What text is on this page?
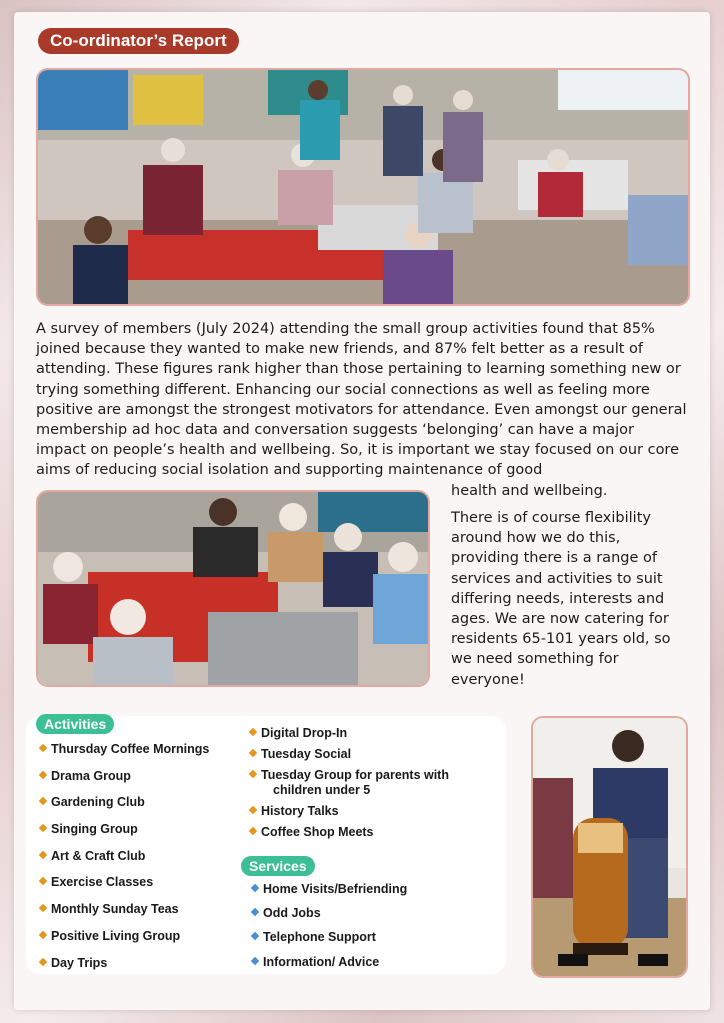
Co-ordinator’s Report

A survey of members (July 2024) attending the small group activities found that 85% joined because they wanted to make new friends, and 87% felt better as a result of attending. These figures rank higher than those pertaining to learning something new or trying something different. Enhancing our social connections as well as feeling more positive are amongst the strongest motivators for attendance. Even amongst our general membership ad hoc data and conversation suggests ‘belonging’ can have a major impact on people’s health and wellbeing. So, it is important we stay focused on our core aims of reducing social isolation and supporting maintenance of good

health and wellbeing.

There is of course flexibility around how we do this, providing there is a range of services and activities to suit differing needs, interests and ages. We are now catering for residents 65-101 years old, so we need something for everyone!

Activities
Thursday Coffee Mornings
Drama Group
Gardening Club
Singing Group
Art & Craft Club
Exercise Classes
Monthly Sunday Teas
Positive Living Group
Day Trips
Digital Drop-In
Tuesday Social
Tuesday Group for parents with
children under 5
History Talks
Coffee Shop Meets
Services
Home Visits/Befriending
Odd Jobs
Telephone Support
Information/ Advice
